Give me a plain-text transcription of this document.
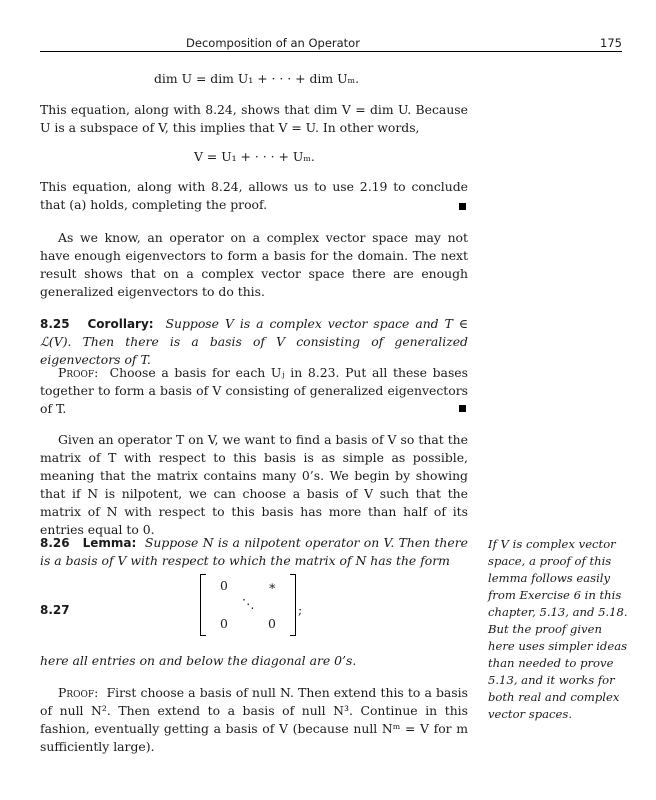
Decomposition of an Operator	175
dim U = dim U₁ + · · · + dim Uₘ.

This equation, along with 8.24, shows that dim V = dim U. Because U is a subspace of V, this implies that V = U. In other words,

V = U₁ + · · · + Uₘ.

This equation, along with 8.24, allows us to use 2.19 to conclude that (a) holds, completing the proof.

As we know, an operator on a complex vector space may not have enough eigenvectors to form a basis for the domain. The next result shows that on a complex vector space there are enough generalized eigenvectors to do this.

8.25 Corollary: Suppose V is a complex vector space and T ∈ ℒ(V). Then there is a basis of V consisting of generalized eigenvectors of T.

Proof: Choose a basis for each Uⱼ in 8.23. Put all these bases together to form a basis of V consisting of generalized eigenvectors of T.

Given an operator T on V, we want to find a basis of V so that the matrix of T with respect to this basis is as simple as possible, meaning that the matrix contains many 0’s. We begin by showing that if N is nilpotent, we can choose a basis of V such that the matrix of N with respect to this basis has more than half of its entries equal to 0.

8.26 Lemma: Suppose N is a nilpotent operator on V. Then there is a basis of V with respect to which the matrix of N has the form

8.27
0	∗
⋱
0	0
;
here all entries on and below the diagonal are 0’s.

Proof: First choose a basis of null N. Then extend this to a basis of null N². Then extend to a basis of null N³. Continue in this fashion, eventually getting a basis of V (because null Nᵐ = V for m sufficiently large).

If V is complex vector space, a proof of this lemma follows easily from Exercise 6 in this chapter, 5.13, and 5.18. But the proof given here uses simpler ideas than needed to prove 5.13, and it works for both real and complex vector spaces.
